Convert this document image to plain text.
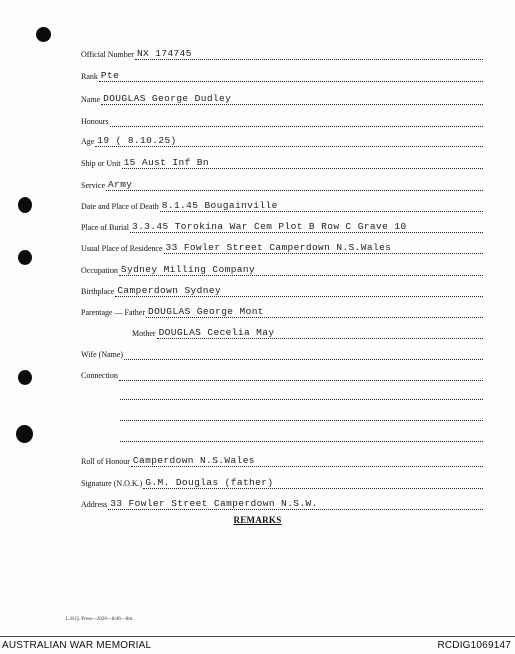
Official Number NX 174745
Rank Pte
Name DOUGLAS George Dudley
Honours
Age 19 ( 8.10.25)
Ship or Unit 15 Aust Inf Bn
Service Army
Date and Place of Death 8.1.45 Bougainville
Place of Burial 3.3.45 Torokina War Cem Plot B Row C Grave 10
Usual Place of Residence 33 Fowler Street Camperdown N.S.Wales
Occupation Sydney Milling Company
Birthplace Camperdown Sydney
Parentage — Father DOUGLAS George Mont
Mother DOUGLAS Cecelia May
Wife (Name)
Connection
Roll of Honour Camperdown N.S.Wales
Signature (N.O.K.) G.M. Douglas (father)
Address 33 Fowler Street Camperdown N.S.W.
REMARKS
L.H.Q. Press—2020—8/46—8m.
AUSTRALIAN WAR MEMORIAL	RCDIG1069147
